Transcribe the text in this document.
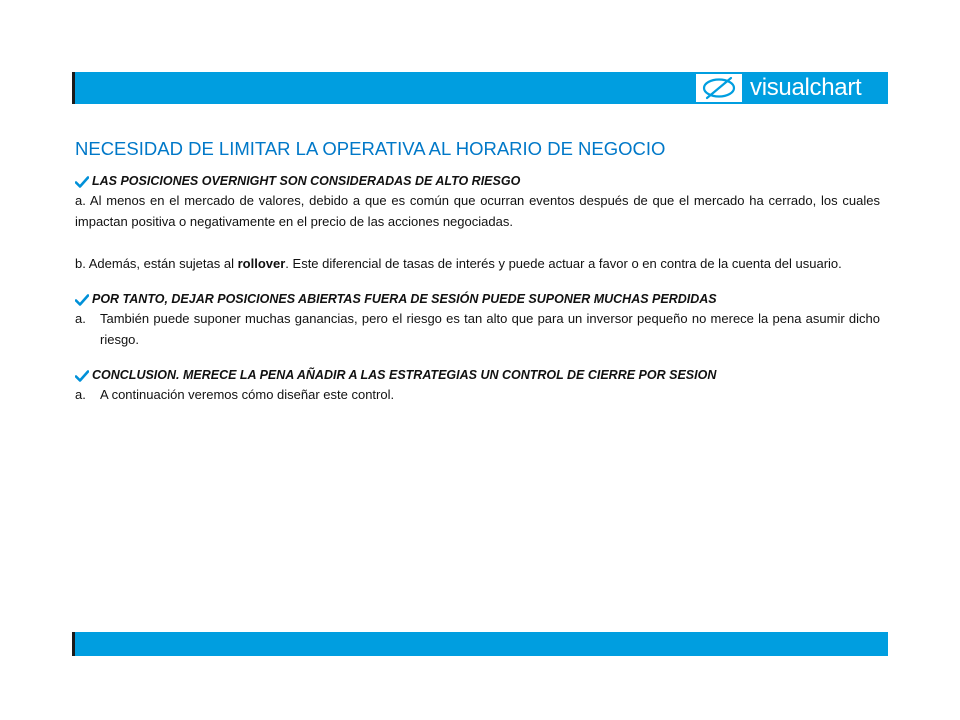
visualchart
NECESIDAD DE LIMITAR LA OPERATIVA AL HORARIO DE NEGOCIO
LAS POSICIONES OVERNIGHT SON CONSIDERADAS DE ALTO RIESGO

a. Al menos en el mercado de valores, debido a que es común que ocurran eventos después de que el mercado ha cerrado, los cuales impactan positiva o negativamente en el precio de las acciones negociadas.

b. Además, están sujetas al rollover. Este diferencial de tasas de interés y puede actuar a favor o en contra de la cuenta del usuario.

POR TANTO, DEJAR POSICIONES ABIERTAS FUERA DE SESIÓN PUEDE SUPONER MUCHAS PERDIDAS
a.	También puede suponer muchas ganancias, pero el riesgo es tan alto que para un inversor pequeño no merece la pena asumir dicho riesgo.
CONCLUSION. MERECE LA PENA AÑADIR A LAS ESTRATEGIAS UN CONTROL DE CIERRE POR SESION
a.	A continuación veremos cómo diseñar este control.
